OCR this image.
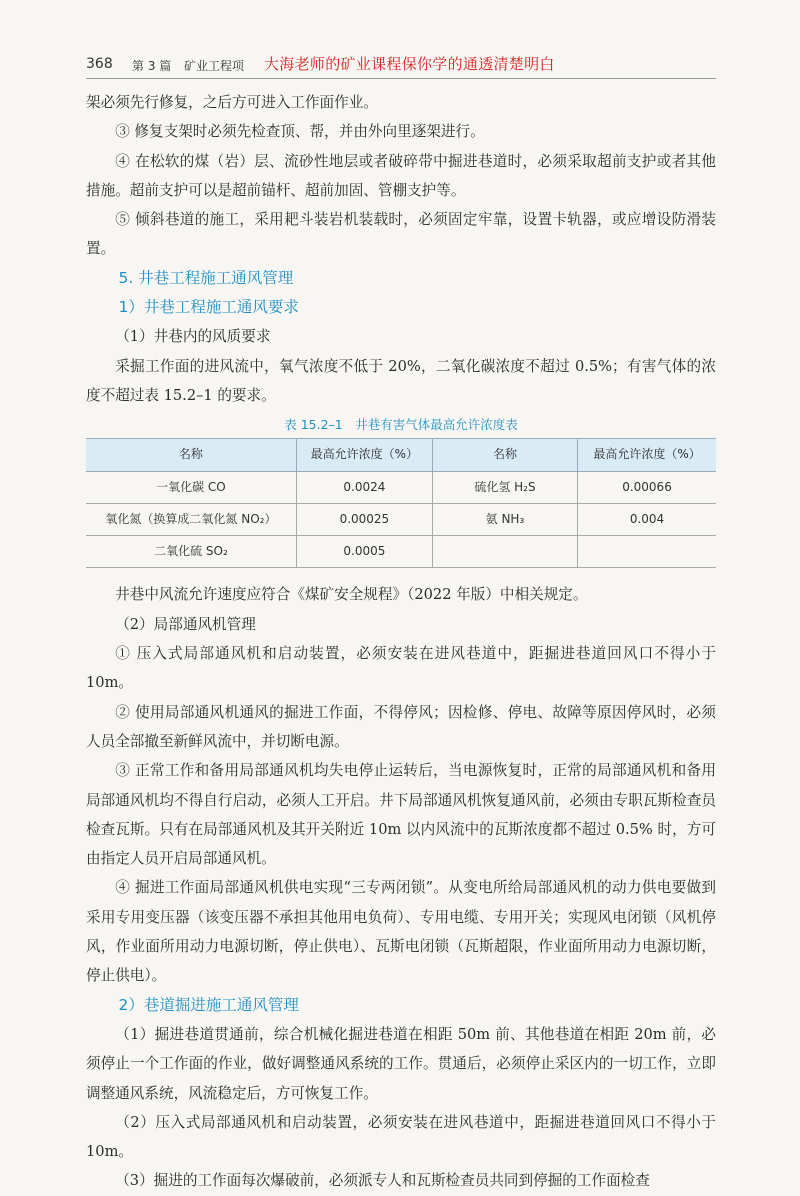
368 第 3 篇 矿业工程项 大海老师的矿业课程保你学的通透清楚明白

架必须先行修复，之后方可进入工作面作业。

③ 修复支架时必须先检查顶、帮，并由外向里逐架进行。

④ 在松软的煤（岩）层、流砂性地层或者破碎带中掘进巷道时，必须采取超前支护或者其他措施。超前支护可以是超前锚杆、超前加固、管棚支护等。

⑤ 倾斜巷道的施工，采用耙斗装岩机装载时，必须固定牢靠，设置卡轨器，或应增设防滑装置。

5. 井巷工程施工通风管理

1）井巷工程施工通风要求

（1）井巷内的风质要求

采掘工作面的进风流中，氧气浓度不低于 20%，二氧化碳浓度不超过 0.5%；有害气体的浓度不超过表 15.2–1 的要求。

表 15.2–1　井巷有害气体最高允许浓度表
名称	最高允许浓度（%）	名称	最高允许浓度（%）
一氧化碳 CO	0.0024	硫化氢 H₂S	0.00066
氧化氮（换算成二氧化氮 NO₂）	0.00025	氨 NH₃	0.004
二氧化硫 SO₂	0.0005		

井巷中风流允许速度应符合《煤矿安全规程》（2022 年版）中相关规定。

（2）局部通风机管理

① 压入式局部通风机和启动装置，必须安装在进风巷道中，距掘进巷道回风口不得小于 10m。

② 使用局部通风机通风的掘进工作面，不得停风；因检修、停电、故障等原因停风时，必须人员全部撤至新鲜风流中，并切断电源。

③ 正常工作和备用局部通风机均失电停止运转后，当电源恢复时，正常的局部通风机和备用局部通风机均不得自行启动，必须人工开启。井下局部通风机恢复通风前，必须由专职瓦斯检查员检查瓦斯。只有在局部通风机及其开关附近 10m 以内风流中的瓦斯浓度都不超过 0.5% 时，方可由指定人员开启局部通风机。

④ 掘进工作面局部通风机供电实现“三专两闭锁”。从变电所给局部通风机的动力供电要做到采用专用变压器（该变压器不承担其他用电负荷）、专用电缆、专用开关；实现风电闭锁（风机停风，作业面所用动力电源切断，停止供电）、瓦斯电闭锁（瓦斯超限，作业面所用动力电源切断，停止供电）。

2）巷道掘进施工通风管理

（1）掘进巷道贯通前，综合机械化掘进巷道在相距 50m 前、其他巷道在相距 20m 前，必须停止一个工作面的作业，做好调整通风系统的工作。贯通后，必须停止采区内的一切工作，立即调整通风系统，风流稳定后，方可恢复工作。

（2）压入式局部通风机和启动装置，必须安装在进风巷道中，距掘进巷道回风口不得小于 10m。

（3）掘进的工作面每次爆破前，必须派专人和瓦斯检查员共同到停掘的工作面检查
